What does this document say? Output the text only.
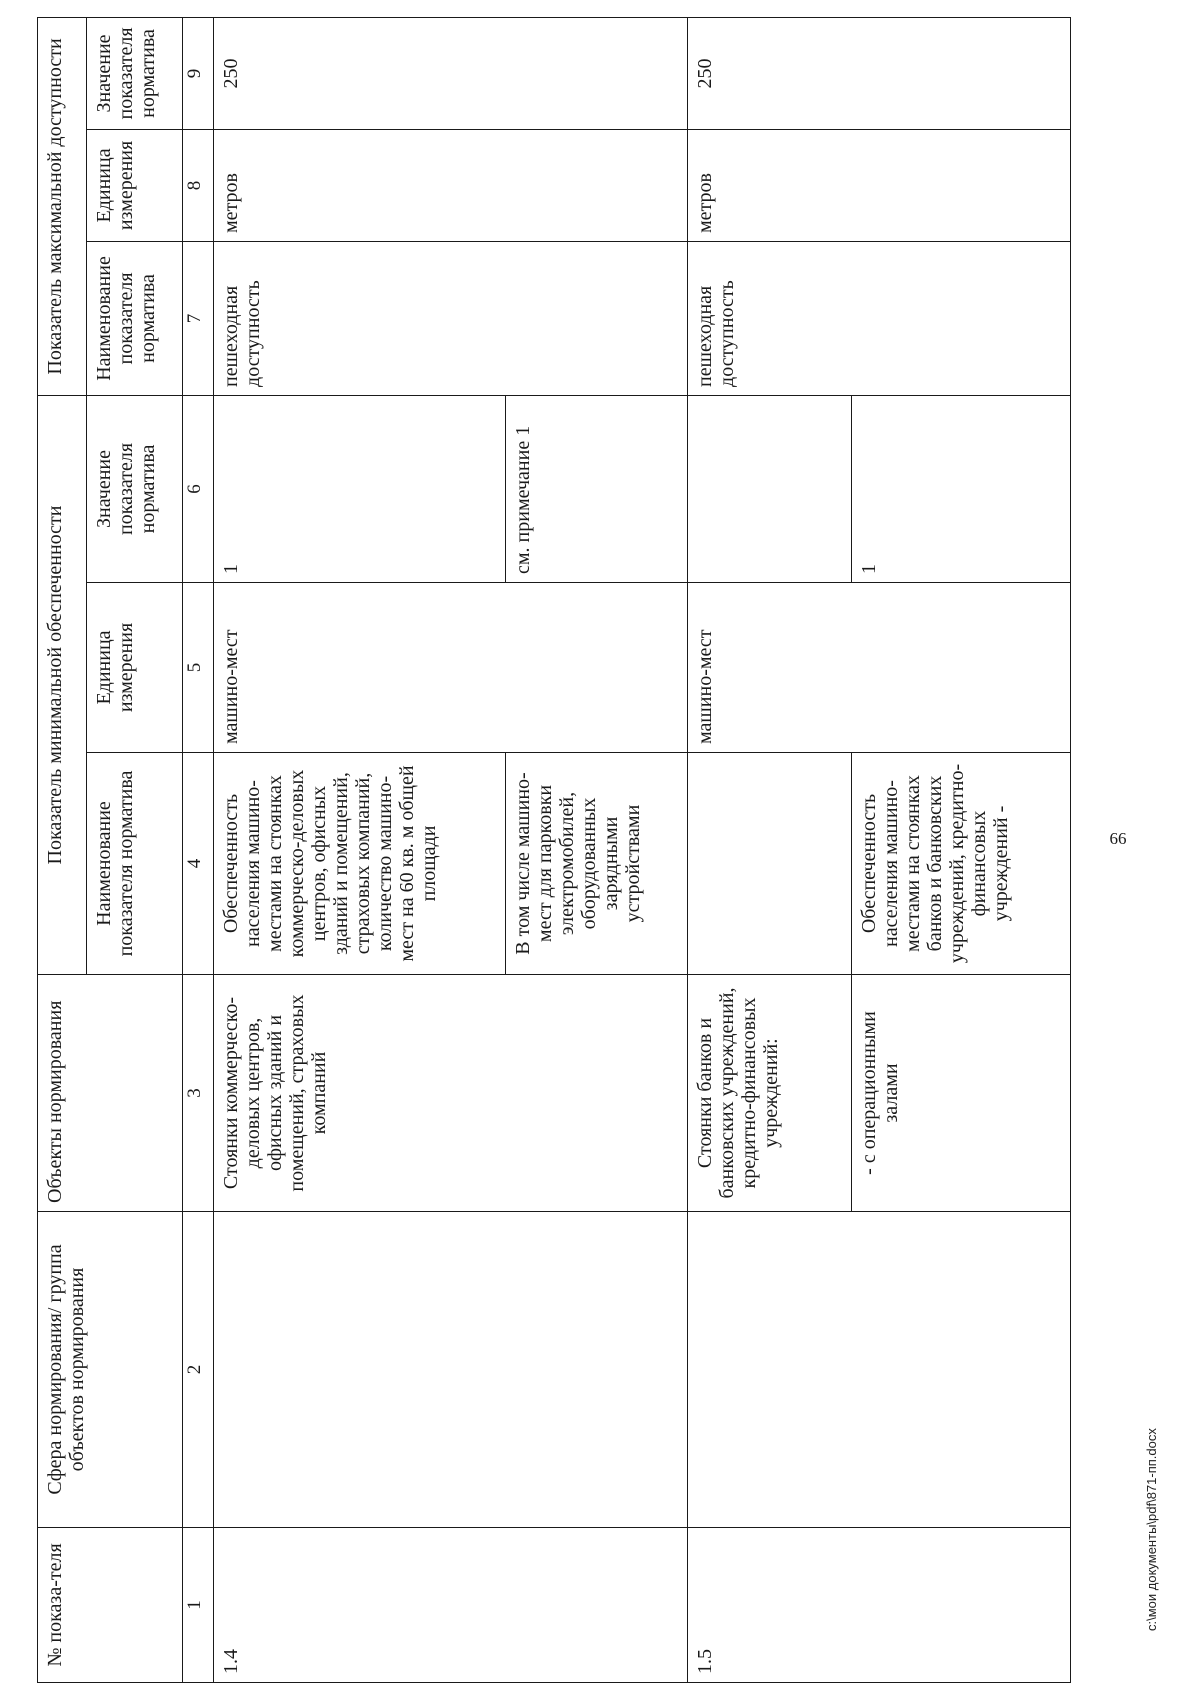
66
№ показа-теля	Сфера нормирования/ группа объектов нормирования	Объекты нормирования	Показатель минимальной обеспеченности			Показатель максимальной доступности		
			Наименование показателя норматива	Единица измерения	Значение показателя норматива	Наименование показателя норматива	Единица измерения	Значение показателя норматива
1	2	3	4	5	6	7	8	9
1.4		Стоянки коммерческо-деловых центров, офисных зданий и помещений, страховых компаний	Обеспеченность населения машино-местами на стоянках коммерческо-деловых центров, офисных зданий и помещений, страховых компаний, количество машино-мест на 60 кв. м общей площади	машино-мест	1	пешеходная доступность	метров	250
			В том числе машино-мест для парковки электромобилей, оборудованных зарядными устройствами		см. примечание 1			
1.5		Стоянки банков и банковских учреждений, кредитно-финансовых учреждений:		машино-мест		пешеходная доступность	метров	250
		- с операционными залами	Обеспеченность населения машино-местами на стоянках банков и банковских учреждений, кредитно-финансовых учреждений -		1			
c:\мои документы\pdf\871-пп.docx
